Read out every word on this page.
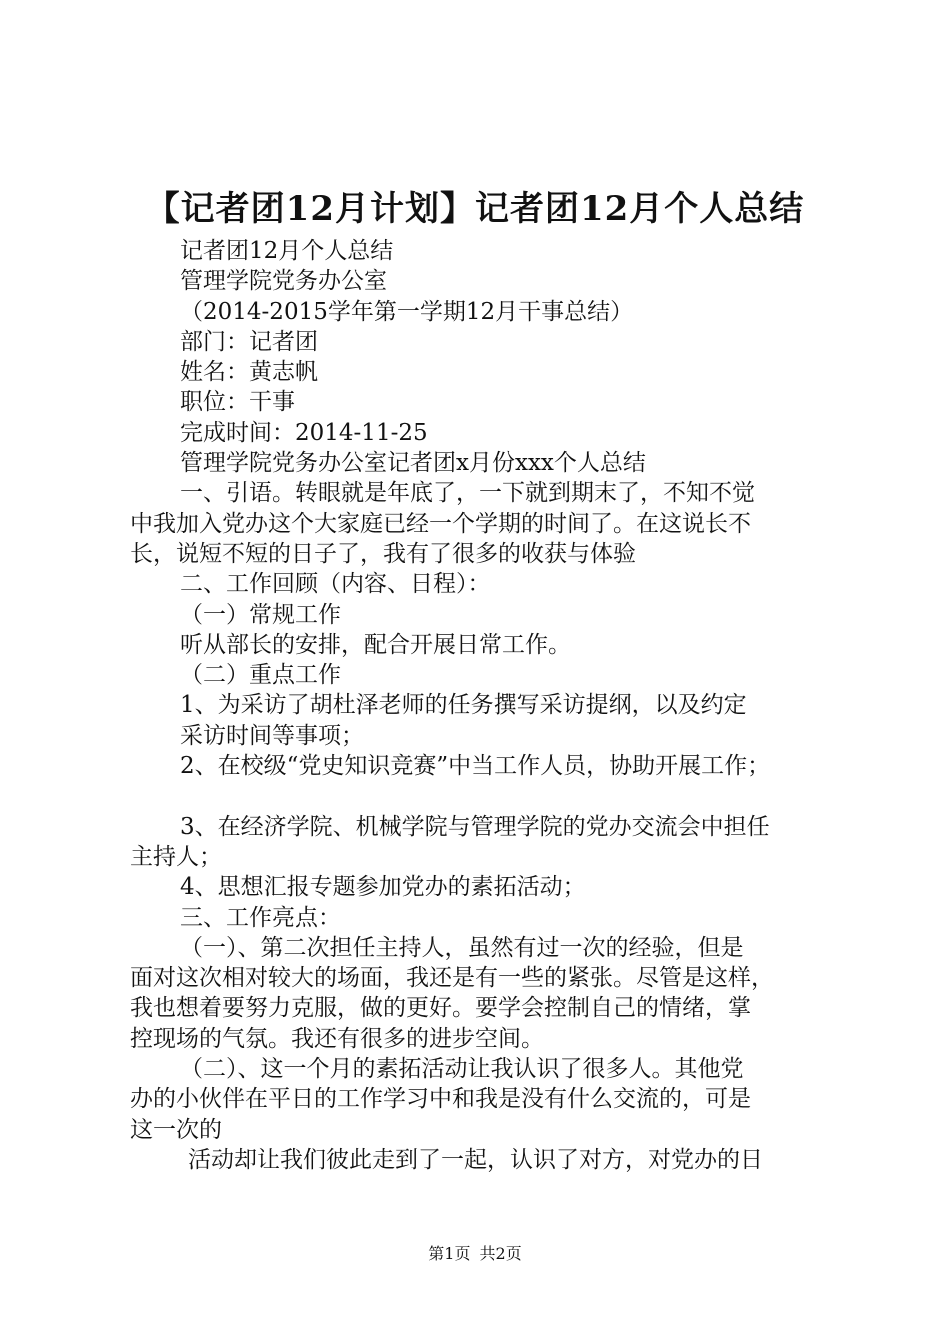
【记者团12月计划】记者团12月个人总结
记者团12月个人总结
管理学院党务办公室
（2014-2015学年第一学期12月干事总结）
部门：记者团
姓名：黄志帆
职位：干事
完成时间：2014-11-25
管理学院党务办公室记者团x月份xxx个人总结
一、引语。转眼就是年底了，一下就到期末了，不知不觉
中我加入党办这个大家庭已经一个学期的时间了。在这说长不
长，说短不短的日子了，我有了很多的收获与体验
二、工作回顾（内容、日程）：
（一）常规工作
听从部长的安排，配合开展日常工作。
（二）重点工作
1、为采访了胡杜泽老师的任务撰写采访提纲，以及约定
采访时间等事项；
2、在校级“党史知识竞赛”中当工作人员，协助开展工作；
3、在经济学院、机械学院与管理学院的党办交流会中担任
主持人；
4、思想汇报专题参加党办的素拓活动；
三、工作亮点：
（一）、第二次担任主持人，虽然有过一次的经验，但是
面对这次相对较大的场面，我还是有一些的紧张。尽管是这样，
我也想着要努力克服，做的更好。要学会控制自己的情绪，掌
控现场的气氛。我还有很多的进步空间。
（二）、这一个月的素拓活动让我认识了很多人。其他党
办的小伙伴在平日的工作学习中和我是没有什么交流的，可是
这一次的
活动却让我们彼此走到了一起，认识了对方，对党办的日
第1页 共2页
